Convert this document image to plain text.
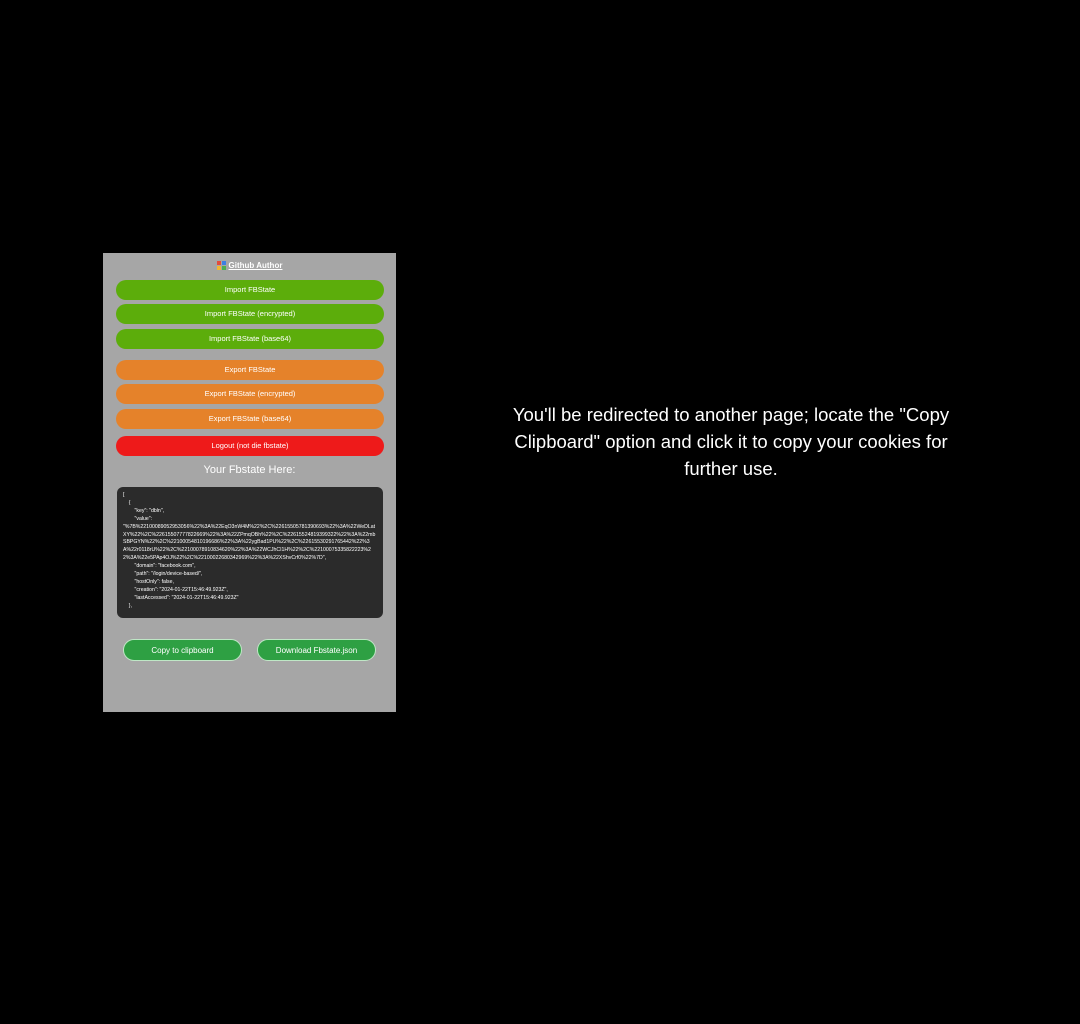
Github Author
Import FBState
Import FBState (encrypted)
Import FBState (base64)
Export FBState
Export FBState (encrypted)
Export FBState (base64)
Logout (not die fbstate)
Your Fbstate Here:
[
{
"key": "dbln",
"value":
"%7B%22100089052953056%22%3A%22EqO3nW4M%22%2C%22615505781390693%22%3A%22WeDLatXY%22%2C%22615507777822669%22%3A%22ZPmqOBh%22%2C%22615524819399322%22%3A%22mbSBPGYN%22%2C%22100054810196686%22%3A%22ygBad1PU%22%2C%22615530291765442%22%3A%22r0118rU%22%2C%22100078910834620%22%3A%22WCJhCI1H%22%2C%22100075335822223%22%3A%22e5PAp4OJ%22%2C%22100022680342969%22%3A%22XShvCrf0%22%7D",
"domain": "facebook.com",
"path": "/login/device-based/",
"hostOnly": false,
"creation": "2024-01-22T15:46:49.923Z",
"lastAccessed": "2024-01-22T15:46:49.923Z"
},
Copy to clipboard	Download Fbstate.json
You'll be redirected to another page; locate the "Copy Clipboard" option and click it to copy your cookies for further use.
